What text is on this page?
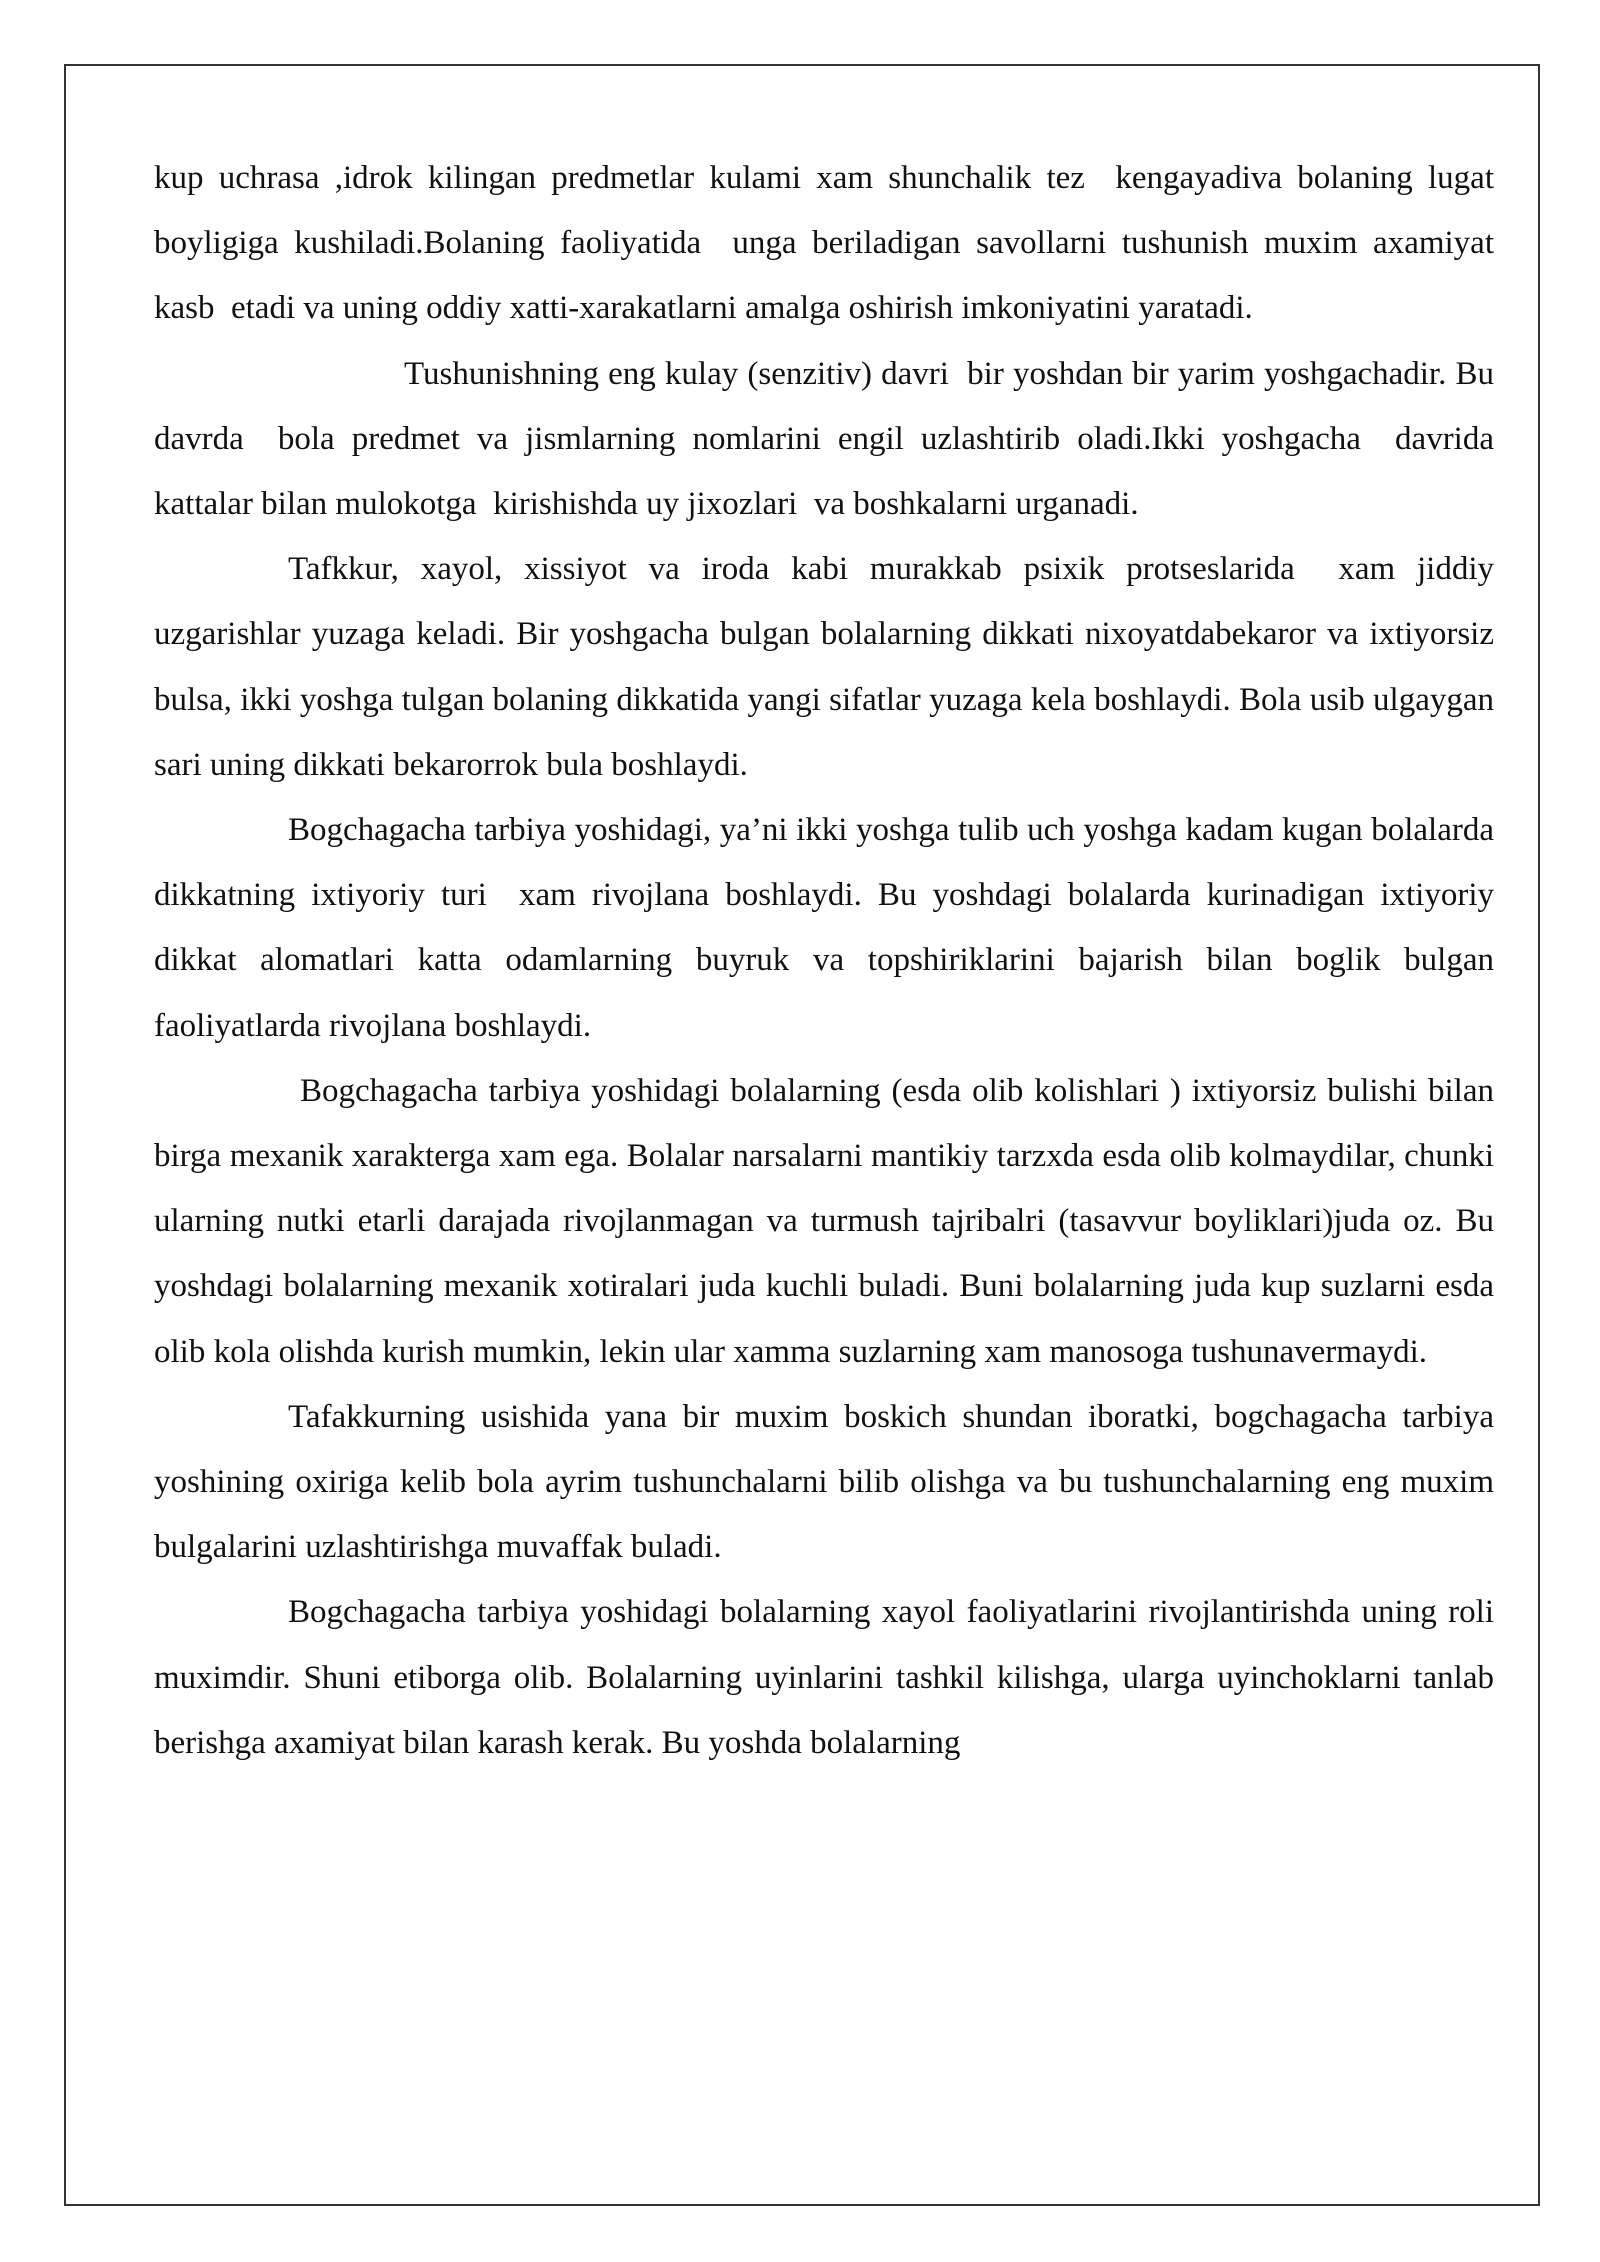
kup uchrasa ,idrok kilingan predmetlar kulami xam shunchalik tez  kengayadiva bolaning lugat boyligiga kushiladi.Bolaning faoliyatida  unga beriladigan savollarni tushunish muxim axamiyat kasb  etadi va uning oddiy xatti-xarakatlarni amalga oshirish imkoniyatini yaratadi.

Tushunishning eng kulay (senzitiv) davri  bir yoshdan bir yarim yoshgachadir. Bu davrda  bola predmet va jismlarning nomlarini engil uzlashtirib oladi.Ikki yoshgacha  davrida kattalar bilan mulokotga  kirishishda uy jixozlari  va boshkalarni urganadi.

Tafkkur, xayol, xissiyot va iroda kabi murakkab psixik protseslarida  xam jiddiy uzgarishlar yuzaga keladi. Bir yoshgacha bulgan bolalarning dikkati nixoyatdabekaror va ixtiyorsiz bulsa, ikki yoshga tulgan bolaning dikkatida yangi sifatlar yuzaga kela boshlaydi. Bola usib ulgaygan sari uning dikkati bekarorrok bula boshlaydi.

Bogchagacha tarbiya yoshidagi, ya’ni ikki yoshga tulib uch yoshga kadam kugan bolalarda dikkatning ixtiyoriy turi  xam rivojlana boshlaydi. Bu yoshdagi bolalarda kurinadigan ixtiyoriy dikkat alomatlari katta odamlarning buyruk va topshiriklarini bajarish bilan boglik bulgan faoliyatlarda rivojlana boshlaydi.

Bogchagacha tarbiya yoshidagi bolalarning (esda olib kolishlari ) ixtiyorsiz bulishi bilan birga mexanik xarakterga xam ega. Bolalar narsalarni mantikiy tarzxda esda olib kolmaydilar, chunki ularning nutki etarli darajada rivojlanmagan va turmush tajribalri (tasavvur boyliklari)juda oz. Bu yoshdagi bolalarning mexanik xotiralari juda kuchli buladi. Buni bolalarning juda kup suzlarni esda olib kola olishda kurish mumkin, lekin ular xamma suzlarning xam manosoga tushunavermaydi.

Tafakkurning usishida yana bir muxim boskich shundan iboratki, bogchagacha tarbiya yoshining oxiriga kelib bola ayrim tushunchalarni bilib olishga va bu tushunchalarning eng muxim bulgalarini uzlashtirishga muvaffak buladi.

Bogchagacha tarbiya yoshidagi bolalarning xayol faoliyatlarini rivojlantirishda uning roli muximdir. Shuni etiborga olib. Bolalarning uyinlarini tashkil kilishga, ularga uyinchoklarni tanlab  berishga axamiyat bilan karash kerak. Bu yoshda bolalarning
